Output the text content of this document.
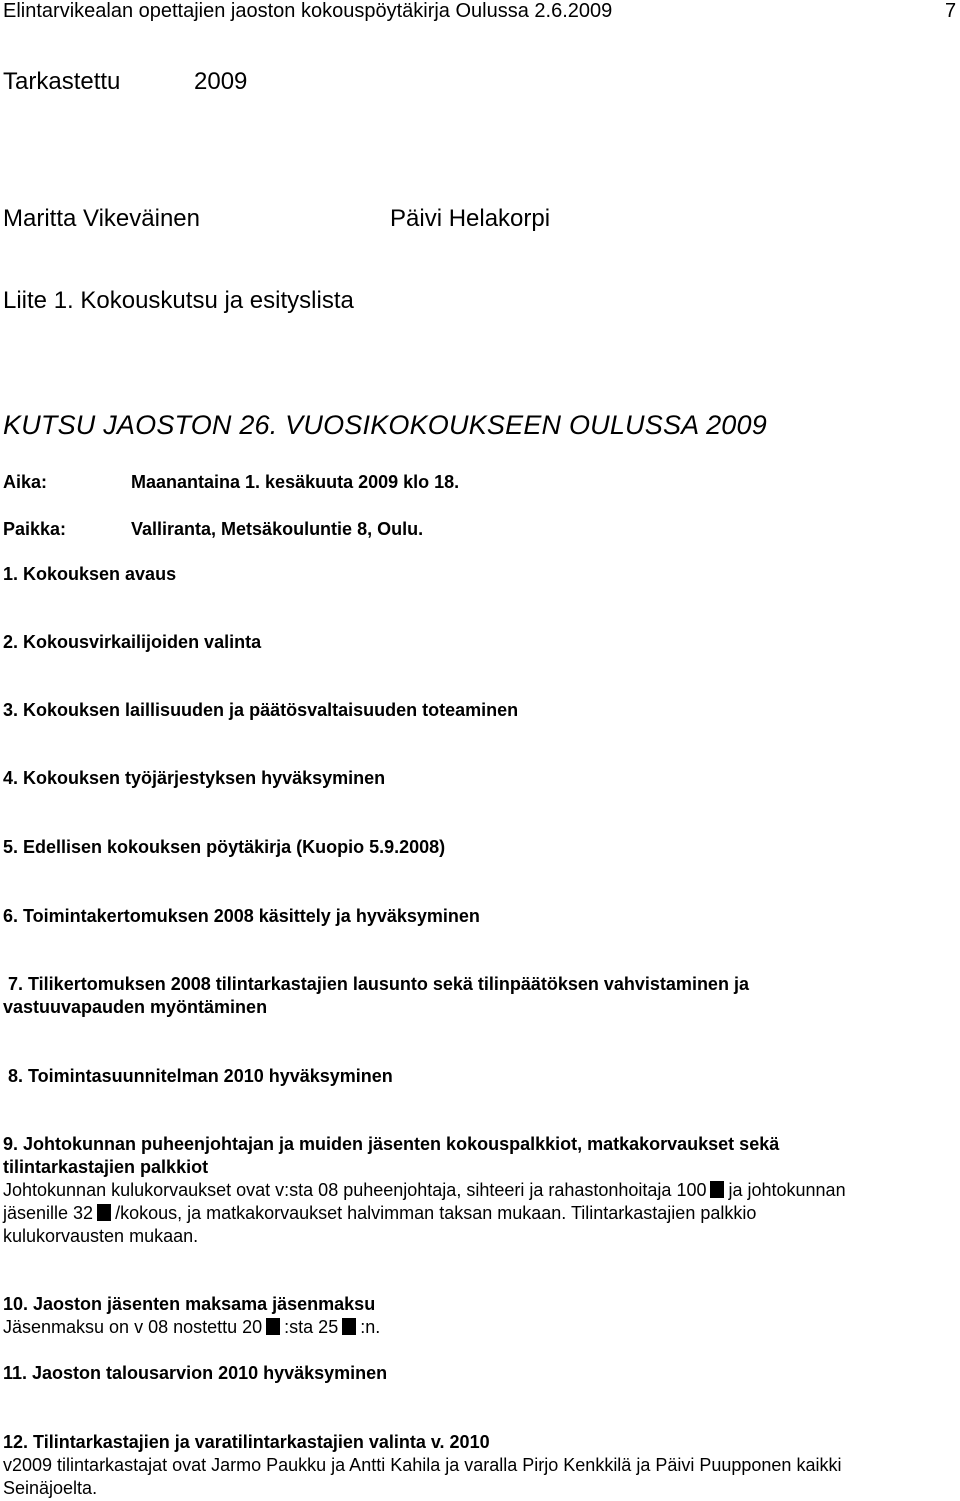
Elintarvikealan opettajien jaoston kokouspöytäkirja Oulussa 2.6.2009	7
Tarkastettu	2009
Maritta Vikeväinen	Päivi Helakorpi
Liite 1. Kokouskutsu ja esityslista
KUTSU JAOSTON 26. VUOSIKOKOUKSEEN OULUSSA 2009
Aika:	Maanantaina 1. kesäkuuta 2009 klo 18.
Paikka:	Valliranta, Metsäkouluntie 8, Oulu.
1. Kokouksen avaus
2. Kokousvirkailijoiden valinta
3. Kokouksen laillisuuden ja päätösvaltaisuuden toteaminen
4. Kokouksen työjärjestyksen hyväksyminen
5. Edellisen kokouksen pöytäkirja (Kuopio 5.9.2008)
6. Toimintakertomuksen 2008 käsittely ja hyväksyminen
7. Tilikertomuksen 2008 tilintarkastajien lausunto sekä tilinpäätöksen vahvistaminen ja
vastuuvapauden myöntäminen
8. Toimintasuunnitelman 2010 hyväksyminen
9. Johtokunnan puheenjohtajan ja muiden jäsenten kokouspalkkiot, matkakorvaukset sekä
tilintarkastajien palkkiot
Johtokunnan kulukorvaukset ovat v:sta 08 puheenjohtaja, sihteeri ja rahastonhoitaja 100 ja johtokunnan
jäsenille 32 /kokous, ja matkakorvaukset halvimman taksan mukaan. Tilintarkastajien palkkio
kulukorvausten mukaan.
10. Jaoston jäsenten maksama jäsenmaksu
Jäsenmaksu on v 08 nostettu 20 :sta 25 :n.
11. Jaoston talousarvion 2010 hyväksyminen
12. Tilintarkastajien ja varatilintarkastajien valinta v. 2010
v2009 tilintarkastajat ovat Jarmo Paukku ja Antti Kahila ja varalla Pirjo Kenkkilä ja Päivi Puupponen kaikki
Seinäjoelta.
